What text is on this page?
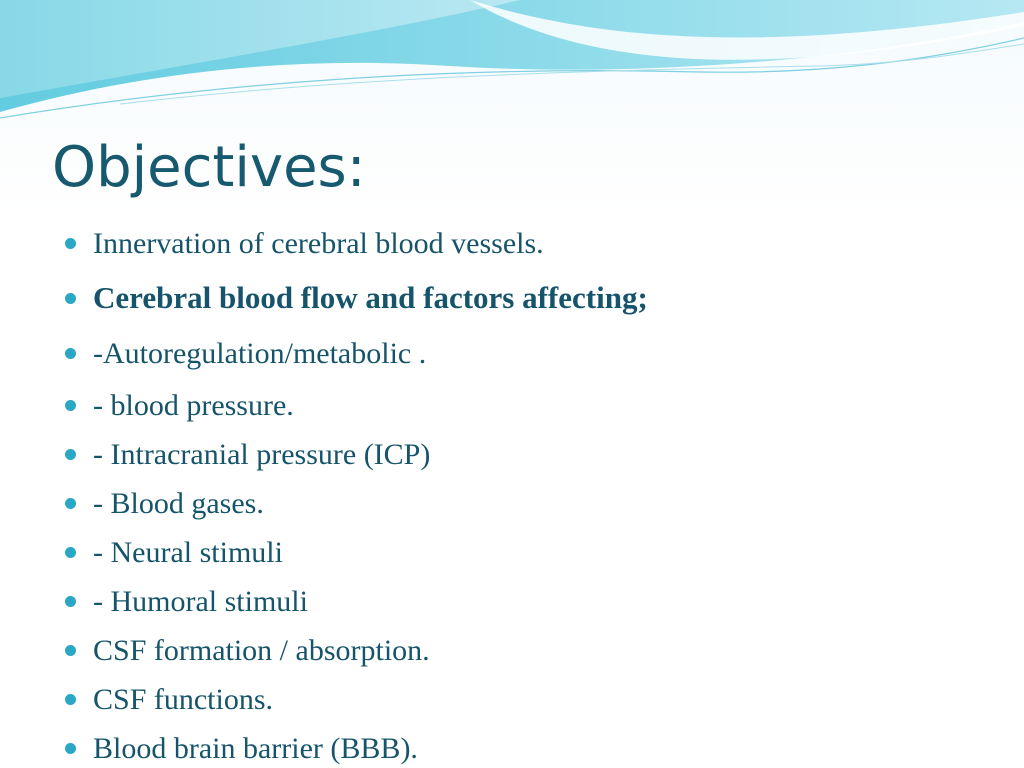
Objectives:
Innervation of cerebral blood vessels.
Cerebral blood flow and factors affecting;
-Autoregulation/metabolic .
- blood pressure.
- Intracranial pressure (ICP)
- Blood gases.
- Neural stimuli
- Humoral stimuli
CSF formation / absorption.
CSF functions.
Blood brain barrier (BBB).
